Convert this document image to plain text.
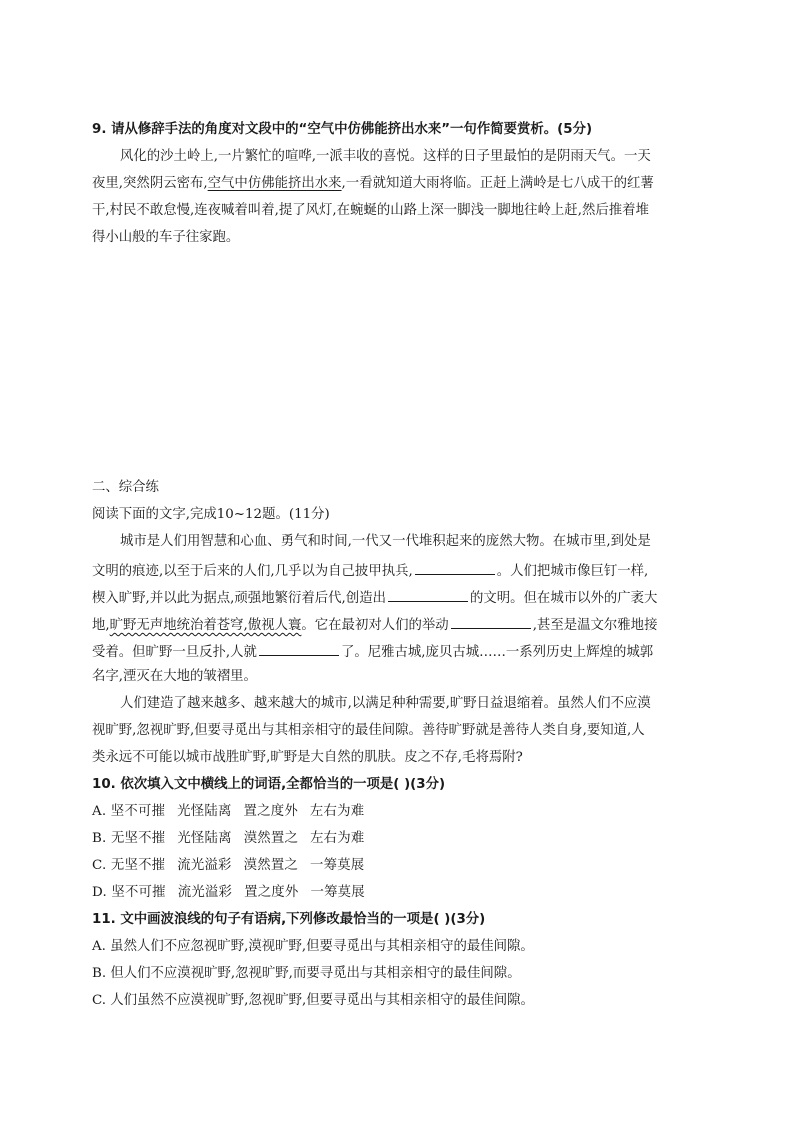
9. 请从修辞手法的角度对文段中的“空气中仿佛能挤出水来”一句作简要赏析。(5分)
风化的沙土岭上,一片繁忙的喧哗,一派丰收的喜悦。这样的日子里最怕的是阴雨天气。一天
夜里,突然阴云密布,空气中仿佛能挤出水来,一看就知道大雨将临。正赶上满岭是七八成干的红薯
干,村民不敢怠慢,连夜喊着叫着,提了风灯,在蜿蜒的山路上深一脚浅一脚地往岭上赶,然后推着堆
得小山般的车子往家跑。
二、综合练
阅读下面的文字,完成10~12题。(11分)
城市是人们用智慧和心血、勇气和时间,一代又一代堆积起来的庞然大物。在城市里,到处是
文明的痕迹,以至于后来的人们,几乎以为自己披甲执兵,	。人们把城市像巨钉一样,
楔入旷野,并以此为据点,顽强地繁衍着后代,创造出	的文明。但在城市以外的广袤大
地,旷野无声地统治着苍穹,傲视人寰。它在最初对人们的举动	,甚至是温文尔雅地接
受着。但旷野一旦反扑,人就	了。尼雅古城,庞贝古城……一系列历史上辉煌的城郭
名字,湮灭在大地的皱褶里。
人们建造了越来越多、越来越大的城市,以满足种种需要,旷野日益退缩着。虽然人们不应漠
视旷野,忽视旷野,但要寻觅出与其相亲相守的最佳间隙。善待旷野就是善待人类自身,要知道,人
类永远不可能以城市战胜旷野,旷野是大自然的肌肤。皮之不存,毛将焉附?
10. 依次填入文中横线上的词语,全都恰当的一项是( )(3分)
A. 坚不可摧 光怪陆离 置之度外 左右为难
B. 无坚不摧 光怪陆离 漠然置之 左右为难
C. 无坚不摧 流光溢彩 漠然置之 一筹莫展
D. 坚不可摧 流光溢彩 置之度外 一筹莫展
11. 文中画波浪线的句子有语病,下列修改最恰当的一项是( )(3分)
A. 虽然人们不应忽视旷野,漠视旷野,但要寻觅出与其相亲相守的最佳间隙。
B. 但人们不应漠视旷野,忽视旷野,而要寻觅出与其相亲相守的最佳间隙。
C. 人们虽然不应漠视旷野,忽视旷野,但要寻觅出与其相亲相守的最佳间隙。
